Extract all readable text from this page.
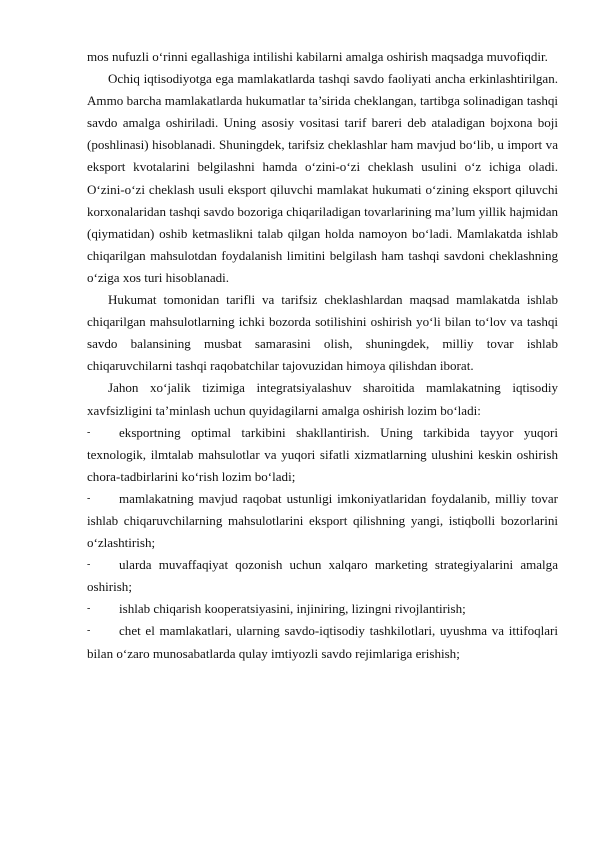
mos nufuzli o‘rinni egallashiga intilishi kabilarni amalga oshirish maqsadga muvofiqdir.

Ochiq iqtisodiyotga ega mamlakatlarda tashqi savdo faoliyati ancha erkinlashtirilgan. Ammo barcha mamlakatlarda hukumatlar ta’sirida cheklangan, tartibga solinadigan tashqi savdo amalga oshiriladi. Uning asosiy vositasi tarif bareri deb ataladigan bojxona boji (poshlinasi) hisoblanadi. Shuningdek, tarifsiz cheklashlar ham mavjud bo‘lib, u import va eksport kvotalarini belgilashni hamda o‘zini-o‘zi cheklash usulini o‘z ichiga oladi. O‘zini-o‘zi cheklash usuli eksport qiluvchi mamlakat hukumati o‘zining eksport qiluvchi korxonalaridan tashqi savdo bozoriga chiqariladigan tovarlarining ma’lum yillik hajmidan (qiymatidan) oshib ketmaslikni talab qilgan holda namoyon bo‘ladi. Mamlakatda ishlab chiqarilgan mahsulotdan foydalanish limitini belgilash ham tashqi savdoni cheklashning o‘ziga xos turi hisoblanadi.

Hukumat tomonidan tarifli va tarifsiz cheklashlardan maqsad mamlakatda ishlab chiqarilgan mahsulotlarning ichki bozorda sotilishini oshirish yo‘li bilan to‘lov va tashqi savdo balansining musbat samarasini olish, shuningdek, milliy tovar ishlab chiqaruvchilarni tashqi raqobatchilar tajovuzidan himoya qilishdan iborat.

Jahon xo‘jalik tizimiga integratsiyalashuv sharoitida mamlakatning iqtisodiy xavfsizligini ta’minlash uchun quyidagilarni amalga oshirish lozim bo‘ladi:

- eksportning optimal tarkibini shakllantirish. Uning tarkibida tayyor yuqori texnologik, ilmtalab mahsulotlar va yuqori sifatli xizmatlarning ulushini keskin oshirish chora-tadbirlarini ko‘rish lozim bo‘ladi;

- mamlakatning mavjud raqobat ustunligi imkoniyatlaridan foydalanib, milliy tovar ishlab chiqaruvchilarning mahsulotlarini eksport qilishning yangi, istiqbolli bozorlarini o‘zlashtirish;

- ularda muvaffaqiyat qozonish uchun xalqaro marketing strategiyalarini amalga oshirish;

- ishlab chiqarish kooperatsiyasini, injiniring, lizingni rivojlantirish;

- chet el mamlakatlari, ularning savdo-iqtisodiy tashkilotlari, uyushma va ittifoqlari bilan o‘zaro munosabatlarda qulay imtiyozli savdo rejimlariga erishish;
